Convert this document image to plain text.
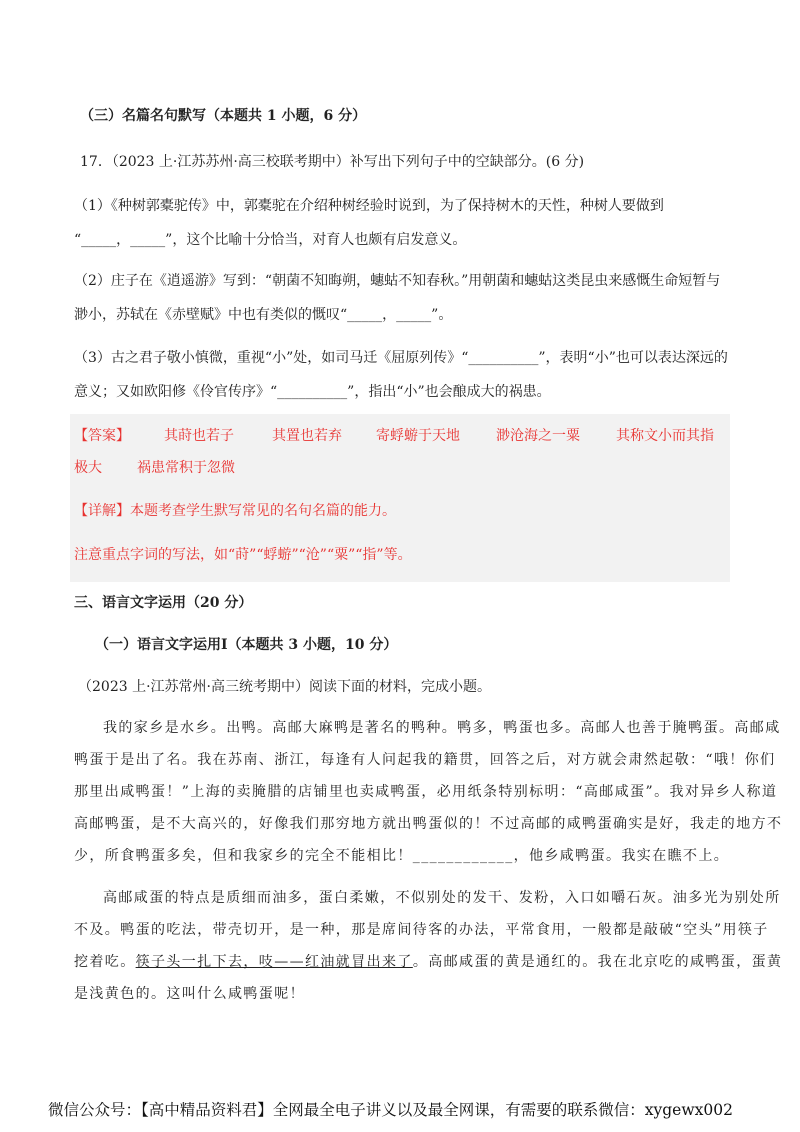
（三）名篇名句默写（本题共 1 小题，6 分）
17．（2023 上·江苏苏州·高三校联考期中）补写出下列句子中的空缺部分。(6 分)
（1）《种树郭橐驼传》中，郭橐驼在介绍种树经验时说到，为了保持树木的天性，种树人要做到
“_____，_____”，这个比喻十分恰当，对育人也颇有启发意义。
（2）庄子在《逍遥游》写到：“朝菌不知晦朔，蟪蛄不知春秋。”用朝菌和蟪蛄这类昆虫来感慨生命短暂与
渺小，苏轼在《赤壁赋》中也有类似的慨叹“_____，_____”。
（3）古之君子敬小慎微，重视“小”处，如司马迁《屈原列传》“__________”，表明“小”也可以表达深远的
意义；又如欧阳修《伶官传序》“__________”，指出“小”也会酿成大的祸患。
【答案】 其莳也若子	其置也若弃 寄蜉蝣于天地	渺沧海之一粟	其称文小而其指
极大	祸患常积于忽微
【详解】本题考查学生默写常见的名句名篇的能力。
注意重点字词的写法，如“莳”“蜉蝣”“沧”“粟”“指”等。
三、语言文字运用（20 分）
（一）语言文字运用Ⅰ（本题共 3 小题，10 分）
（2023 上·江苏常州·高三统考期中）阅读下面的材料，完成小题。
我的家乡是水乡。出鸭。高邮大麻鸭是著名的鸭种。鸭多，鸭蛋也多。高邮人也善于腌鸭蛋。高邮咸
鸭蛋于是出了名。我在苏南、浙江，每逢有人问起我的籍贯，回答之后，对方就会肃然起敬：“哦！你们
那里出咸鸭蛋！”上海的卖腌腊的店铺里也卖咸鸭蛋，必用纸条特别标明：“高邮咸蛋”。我对异乡人称道
高邮鸭蛋，是不大高兴的，好像我们那穷地方就出鸭蛋似的！不过高邮的咸鸭蛋确实是好，我走的地方不
少，所食鸭蛋多矣，但和我家乡的完全不能相比！____________，他乡咸鸭蛋。我实在瞧不上。
高邮咸蛋的特点是质细而油多，蛋白柔嫩，不似别处的发干、发粉，入口如嚼石灰。油多光为别处所
不及。鸭蛋的吃法，带壳切开，是一种，那是席间待客的办法，平常食用，一般都是敲破“空头”用筷子
挖着吃。筷子头一扎下去，吱——红油就冒出来了。高邮咸蛋的黄是通红的。我在北京吃的咸鸭蛋，蛋黄
是浅黄色的。这叫什么咸鸭蛋呢！
微信公众号：【高中精品资料君】全网最全电子讲义以及最全网课，有需要的联系微信：xygewx002
